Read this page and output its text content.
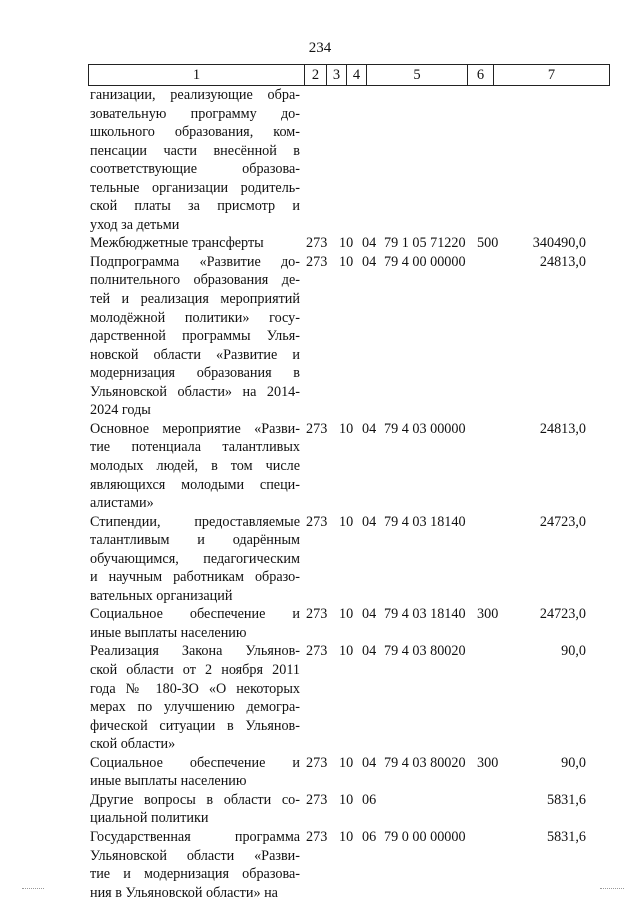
234
1	2 3 4	5	6	7
ганизации, реализующие обра-
зовательную программу до-
школьного образования, ком-
пенсации части внесённой в
соответствующие образова-
тельные организации родитель-
ской платы за присмотр и
уход за детьми
Межбюджетные трансферты	273 10 04 79 1 05 71220 500	340490,0
Подпрограмма «Развитие до-
полнительного образования де-
тей и реализация мероприятий
молодёжной политики» госу-
дарственной программы Улья-
новской области «Развитие и
модернизация образования в
Ульяновской области» на 2014-
2024 годы
273 10 04 79 4 00 00000	24813,0
Основное мероприятие «Разви-
тие потенциала талантливых
молодых людей, в том числе
являющихся молодыми специ-
алистами»
273 10 04 79 4 03 00000	24813,0
Стипендии, предоставляемые
талантливым и одарённым
обучающимся, педагогическим
и научным работникам образо-
вательных организаций
273 10 04 79 4 03 18140	24723,0
Социальное обеспечение и
иные выплаты населению
273 10 04 79 4 03 18140 300	24723,0
Реализация Закона Ульянов-
ской области от 2 ноября 2011
года № 180-ЗО «О некоторых
мерах по улучшению демогра-
фической ситуации в Ульянов-
ской области»
273 10 04 79 4 03 80020	90,0
Социальное обеспечение и
иные выплаты населению
273 10 04 79 4 03 80020 300	90,0
Другие вопросы в области со-
циальной политики
273 10 06	5831,6
Государственная программа
Ульяновской области «Разви-
тие и модернизация образова-
ния в Ульяновской области» на
273 10 06 79 0 00 00000	5831,6
